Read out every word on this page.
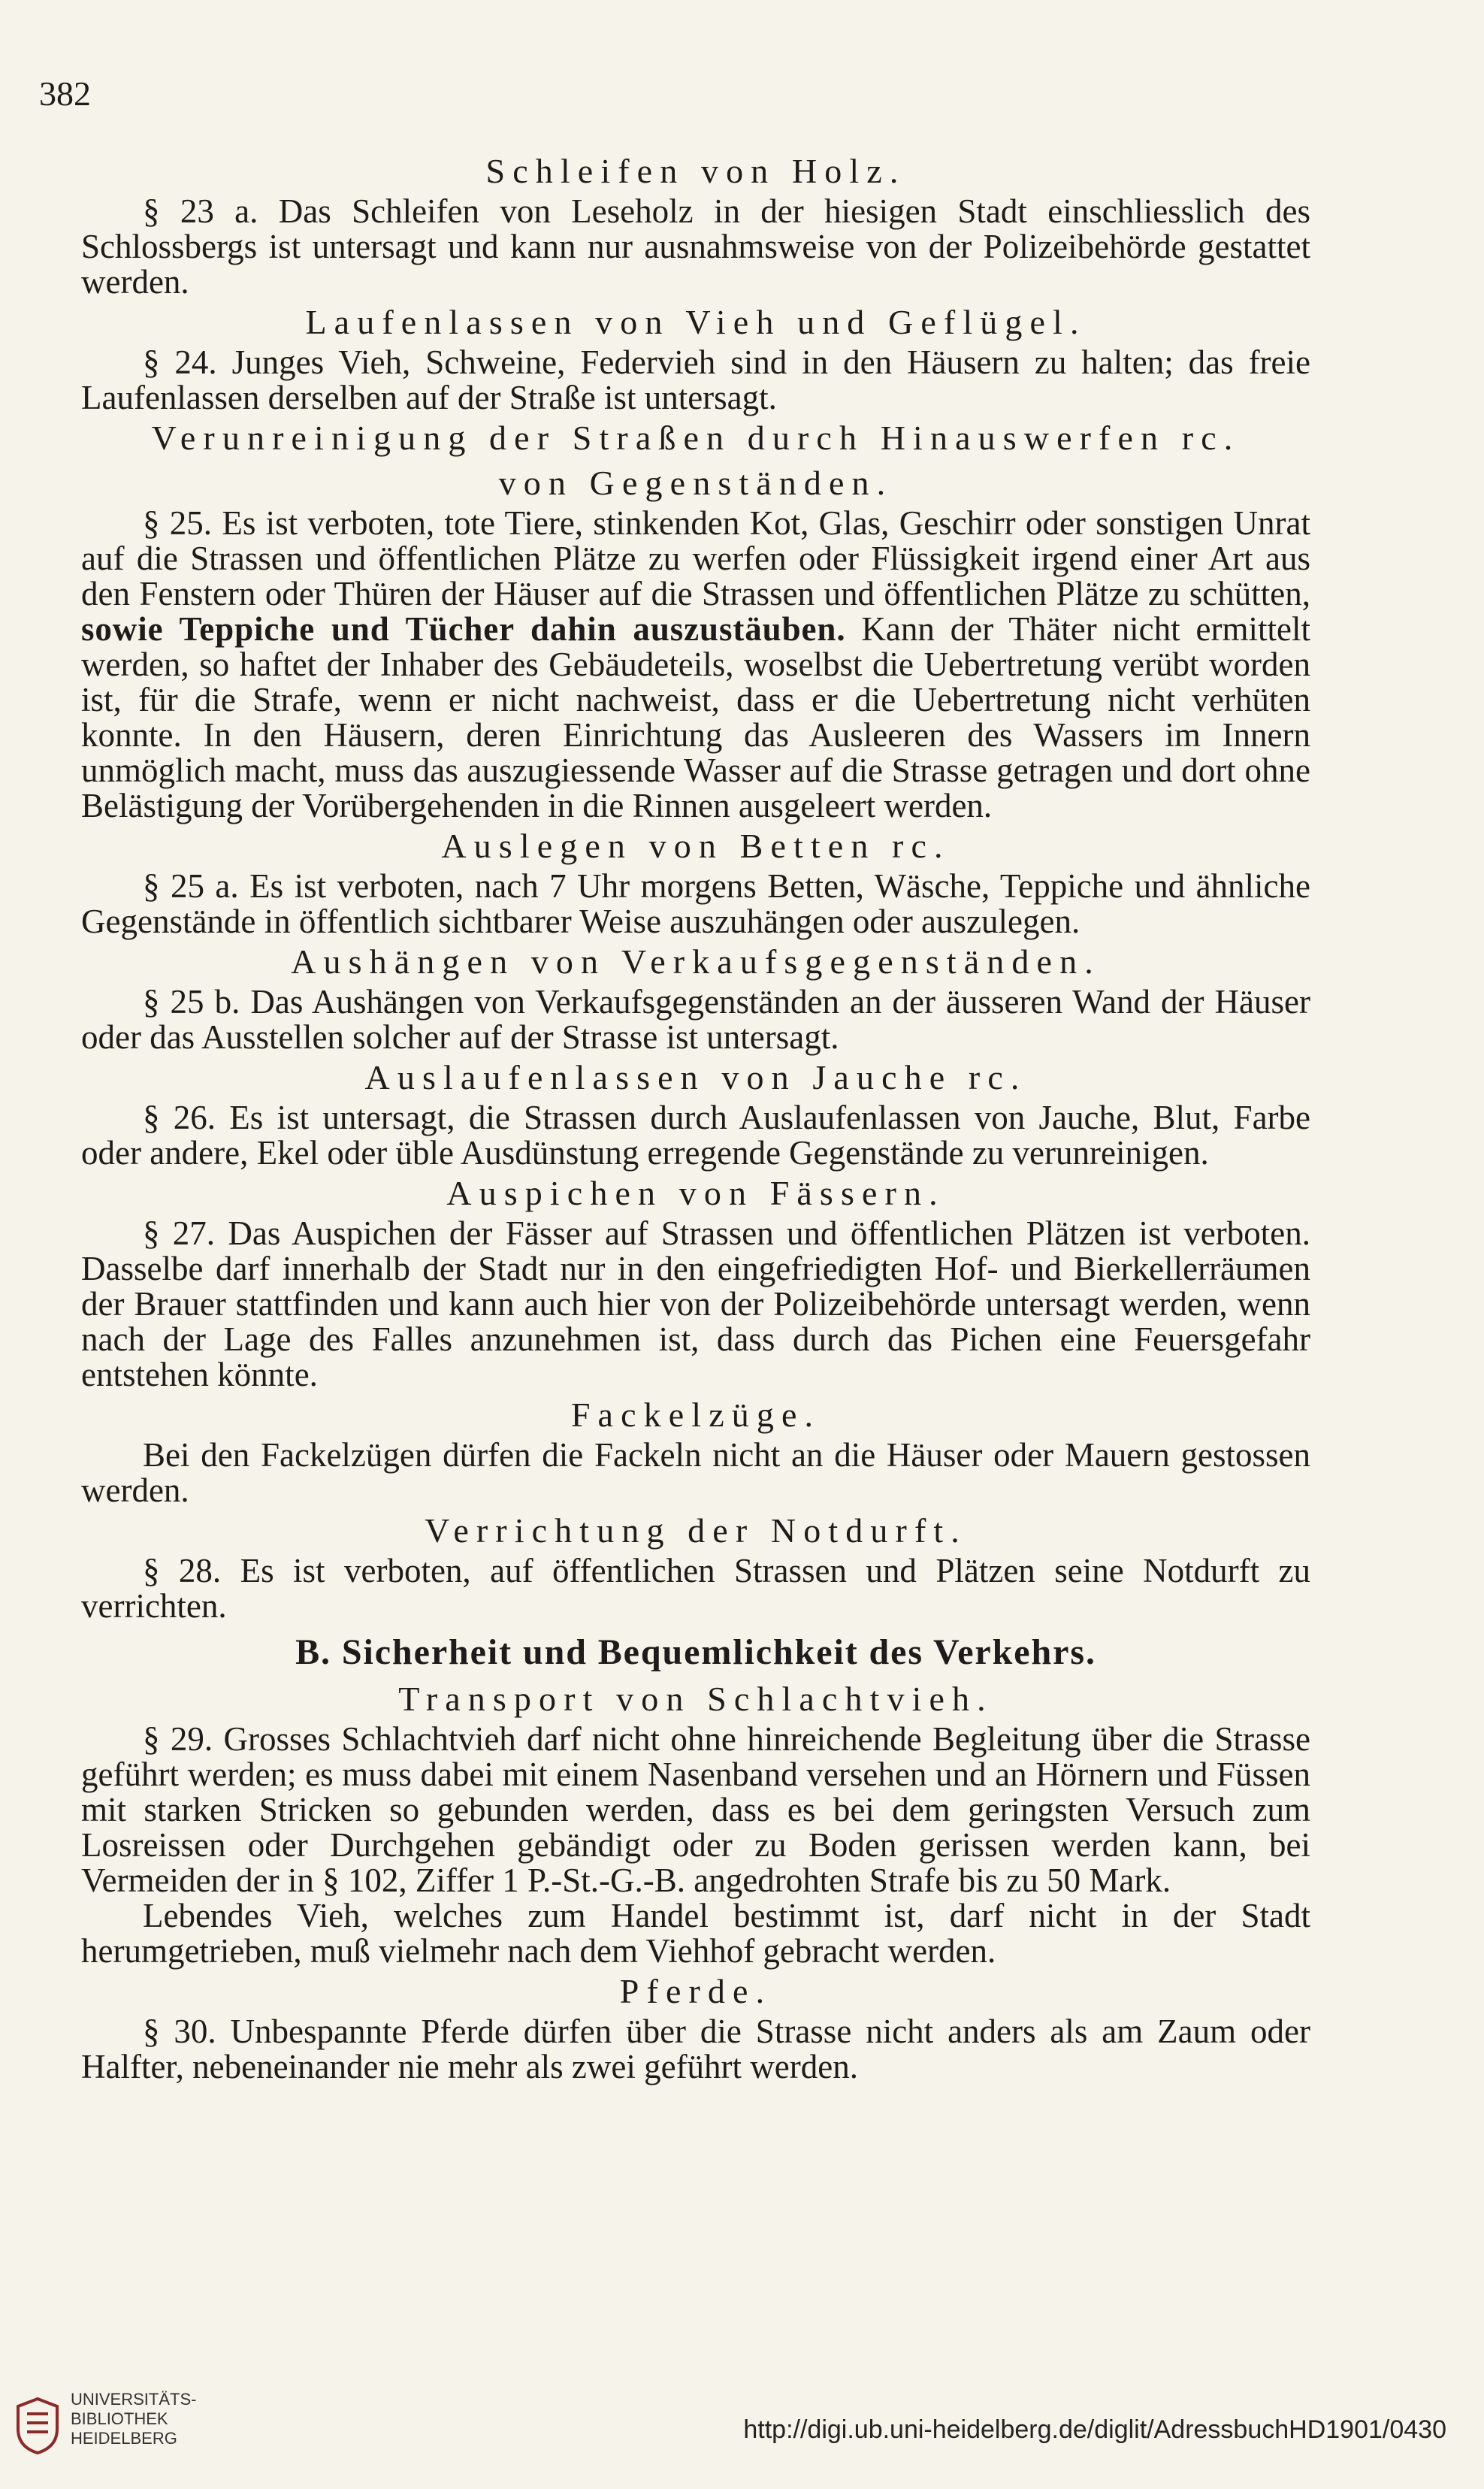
382
Schleifen von Holz.

§ 23 a. Das Schleifen von Leseholz in der hiesigen Stadt einschliesslich des Schlossbergs ist untersagt und kann nur ausnahmsweise von der Polizeibehörde gestattet werden.

Laufenlassen von Vieh und Geflügel.

§ 24. Junges Vieh, Schweine, Federvieh sind in den Häusern zu halten; das freie Laufenlassen derselben auf der Straße ist untersagt.

Verunreinigung der Straßen durch Hinauswerfen rc.
von Gegenständen.

§ 25. Es ist verboten, tote Tiere, stinkenden Kot, Glas, Geschirr oder sonstigen Unrat auf die Strassen und öffentlichen Plätze zu werfen oder Flüssigkeit irgend einer Art aus den Fenstern oder Thüren der Häuser auf die Strassen und öffentlichen Plätze zu schütten, sowie Teppiche und Tücher dahin auszustäuben. Kann der Thäter nicht ermittelt werden, so haftet der Inhaber des Gebäudeteils, woselbst die Uebertretung verübt worden ist, für die Strafe, wenn er nicht nachweist, dass er die Uebertretung nicht verhüten konnte. In den Häusern, deren Einrichtung das Ausleeren des Wassers im Innern unmöglich macht, muss das auszugiessende Wasser auf die Strasse getragen und dort ohne Belästigung der Vorübergehenden in die Rinnen ausgeleert werden.

Auslegen von Betten rc.

§ 25 a. Es ist verboten, nach 7 Uhr morgens Betten, Wäsche, Teppiche und ähnliche Gegenstände in öffentlich sichtbarer Weise auszuhängen oder auszulegen.

Aushängen von Verkaufsgegenständen.

§ 25 b. Das Aushängen von Verkaufsgegenständen an der äusseren Wand der Häuser oder das Ausstellen solcher auf der Strasse ist untersagt.

Auslaufenlassen von Jauche rc.

§ 26. Es ist untersagt, die Strassen durch Auslaufenlassen von Jauche, Blut, Farbe oder andere, Ekel oder üble Ausdünstung erregende Gegenstände zu verunreinigen.

Auspichen von Fässern.

§ 27. Das Auspichen der Fässer auf Strassen und öffentlichen Plätzen ist verboten. Dasselbe darf innerhalb der Stadt nur in den eingefriedigten Hof- und Bierkellerräumen der Brauer stattfinden und kann auch hier von der Polizeibehörde untersagt werden, wenn nach der Lage des Falles anzunehmen ist, dass durch das Pichen eine Feuersgefahr entstehen könnte.

Fackelzüge.

Bei den Fackelzügen dürfen die Fackeln nicht an die Häuser oder Mauern gestossen werden.

Verrichtung der Notdurft.

§ 28. Es ist verboten, auf öffentlichen Strassen und Plätzen seine Notdurft zu verrichten.

B. Sicherheit und Bequemlichkeit des Verkehrs.
Transport von Schlachtvieh.

§ 29. Grosses Schlachtvieh darf nicht ohne hinreichende Begleitung über die Strasse geführt werden; es muss dabei mit einem Nasenband versehen und an Hörnern und Füssen mit starken Stricken so gebunden werden, dass es bei dem geringsten Versuch zum Losreissen oder Durchgehen gebändigt oder zu Boden gerissen werden kann, bei Vermeiden der in § 102, Ziffer 1 P.-St.-G.-B. angedrohten Strafe bis zu 50 Mark.

Lebendes Vieh, welches zum Handel bestimmt ist, darf nicht in der Stadt herumgetrieben, muß vielmehr nach dem Viehhof gebracht werden.

Pferde.

§ 30. Unbespannte Pferde dürfen über die Strasse nicht anders als am Zaum oder Halfter, nebeneinander nie mehr als zwei geführt werden.

UNIVERSITÄTS-
BIBLIOTHEK
HEIDELBERG	http://digi.ub.uni-heidelberg.de/diglit/AdressbuchHD1901/0430
